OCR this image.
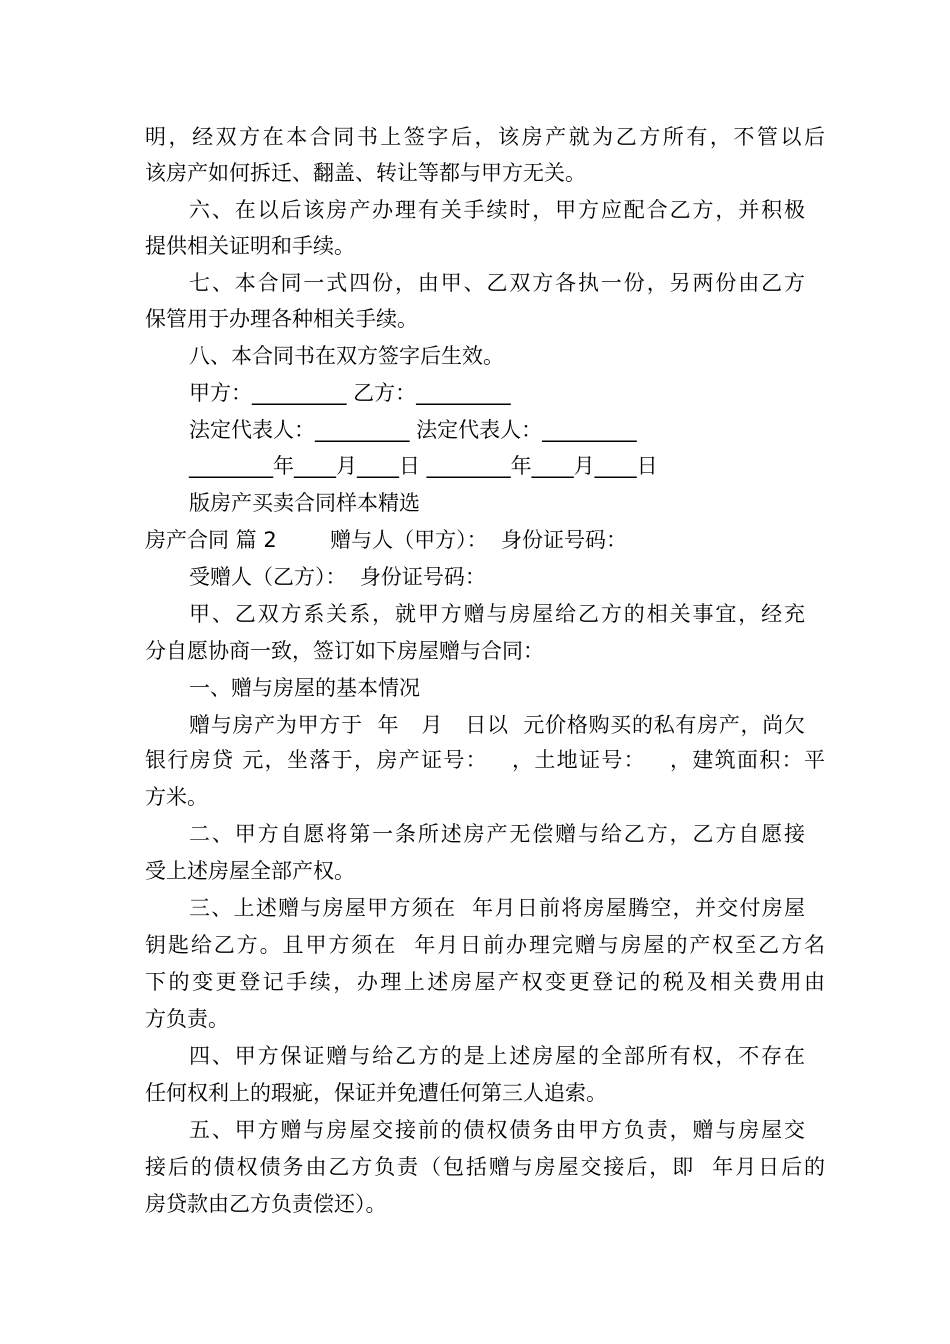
明，经双方在本合同书上签字后，该房产就为乙方所有，不管以后
该房产如何拆迁、翻盖、转让等都与甲方无关。
六、在以后该房产办理有关手续时，甲方应配合乙方，并积极
提供相关证明和手续。
七、本合同一式四份，由甲、乙双方各执一份，另两份由乙方
保管用于办理各种相关手续。
八、本合同书在双方签字后生效。
甲方：_________ 乙方：_________
法定代表人：_________ 法定代表人：_________
________年____月____日 ________年____月____日
版房产买卖合同样本精选
房产合同 篇 2        赠与人（甲方）：  身份证号码：
受赠人（乙方）：  身份证号码：
甲、乙双方系关系，就甲方赠与房屋给乙方的相关事宜，经充
分自愿协商一致，签订如下房屋赠与合同：
一、赠与房屋的基本情况
赠与房产为甲方于  年   月   日以  元价格购买的私有房产，尚欠
银行房贷 元，坐落于，房产证号：   ，土地证号：   ，建筑面积：平
方米。
二、甲方自愿将第一条所述房产无偿赠与给乙方，乙方自愿接
受上述房屋全部产权。
三、上述赠与房屋甲方须在  年月日前将房屋腾空，并交付房屋
钥匙给乙方。且甲方须在  年月日前办理完赠与房屋的产权至乙方名
下的变更登记手续，办理上述房屋产权变更登记的税及相关费用由
方负责。
四、甲方保证赠与给乙方的是上述房屋的全部所有权，不存在
任何权利上的瑕疵，保证并免遭任何第三人追索。
五、甲方赠与房屋交接前的债权债务由甲方负责，赠与房屋交
接后的债权债务由乙方负责（包括赠与房屋交接后，即  年月日后的
房贷款由乙方负责偿还）。
